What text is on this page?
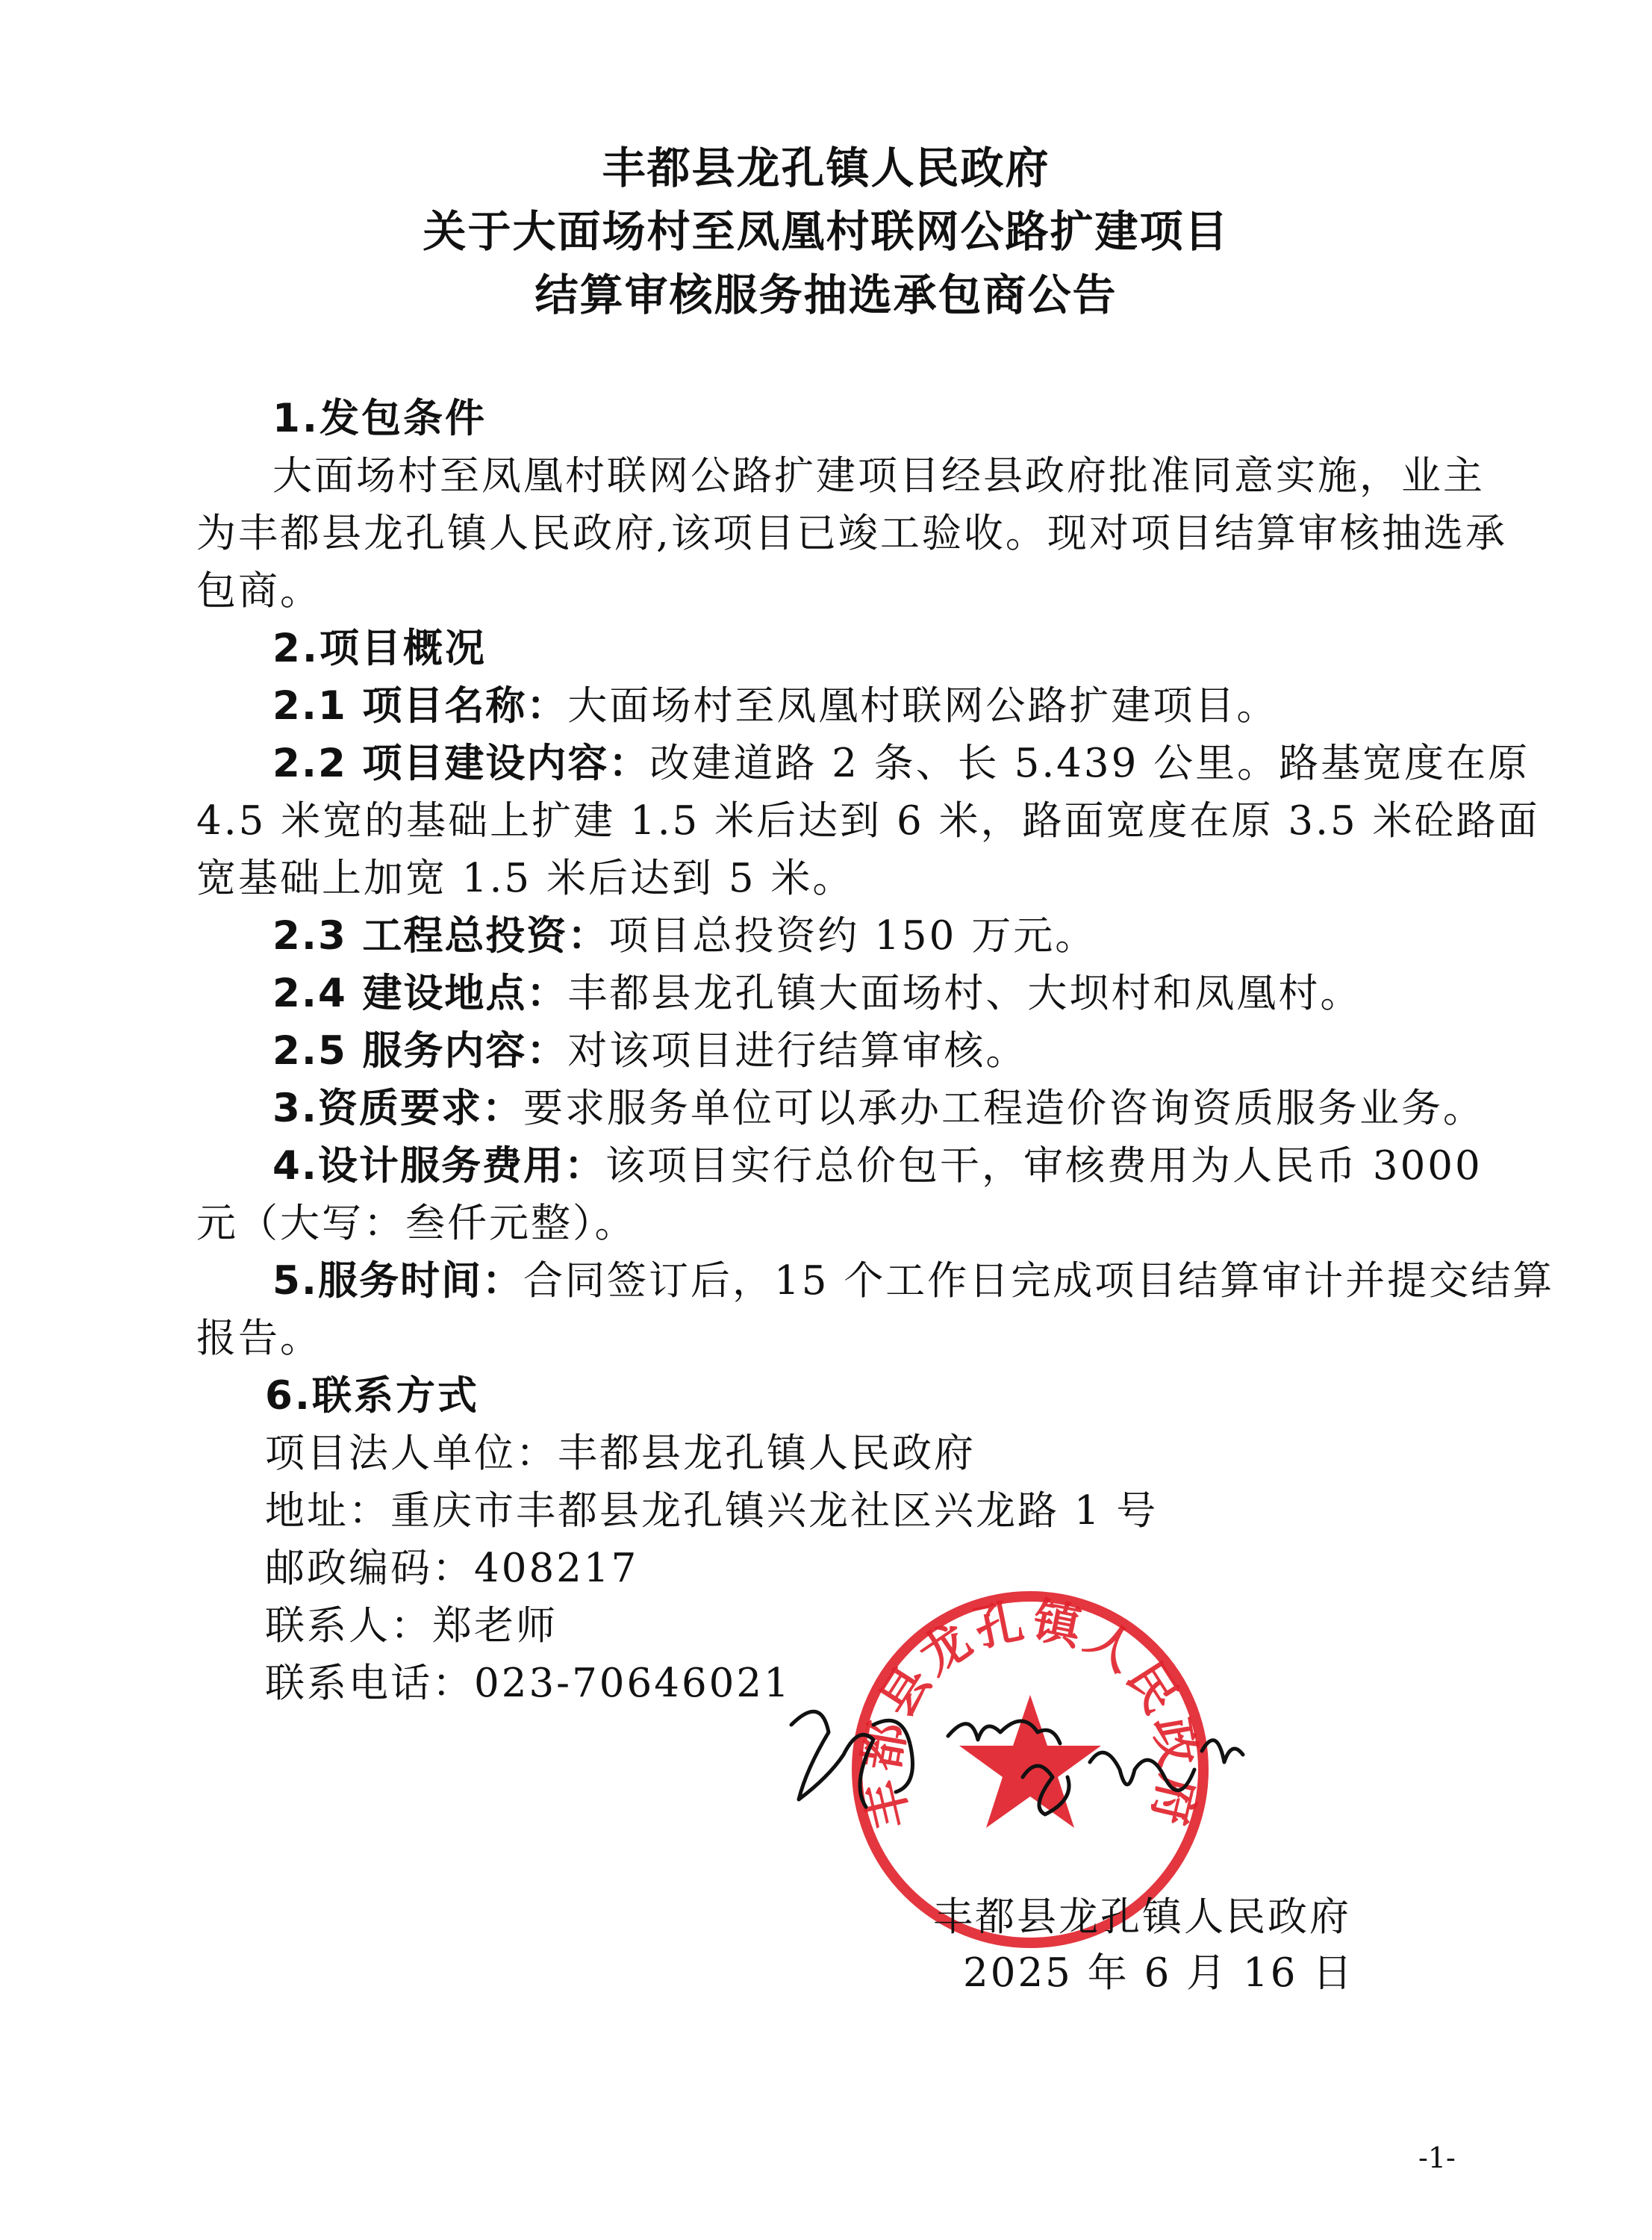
丰都县龙孔镇人民政府
关于大面场村至凤凰村联网公路扩建项目
结算审核服务抽选承包商公告
1.发包条件
大面场村至凤凰村联网公路扩建项目经县政府批准同意实施，业主
为丰都县龙孔镇人民政府,该项目已竣工验收。现对项目结算审核抽选承
包商。
2.项目概况
2.1 项目名称：大面场村至凤凰村联网公路扩建项目。
2.2 项目建设内容：改建道路 2 条、长 5.439 公里。路基宽度在原
4.5 米宽的基础上扩建 1.5 米后达到 6 米，路面宽度在原 3.5 米砼路面
宽基础上加宽 1.5 米后达到 5 米。
2.3 工程总投资：项目总投资约 150 万元。
2.4 建设地点：丰都县龙孔镇大面场村、大坝村和凤凰村。
2.5 服务内容：对该项目进行结算审核。
3.资质要求：要求服务单位可以承办工程造价咨询资质服务业务。
4.设计服务费用：该项目实行总价包干，审核费用为人民币 3000
元（大写：叁仟元整）。
5.服务时间：合同签订后，15 个工作日完成项目结算审计并提交结算
报告。
6.联系方式
项目法人单位：丰都县龙孔镇人民政府
地址：重庆市丰都县龙孔镇兴龙社区兴龙路 1 号
邮政编码：408217
联系人：郑老师
联系电话：023-70646021
丰都县龙孔镇人民政府
丰都县龙孔镇人民政府
2025 年 6 月 16 日
-1-
